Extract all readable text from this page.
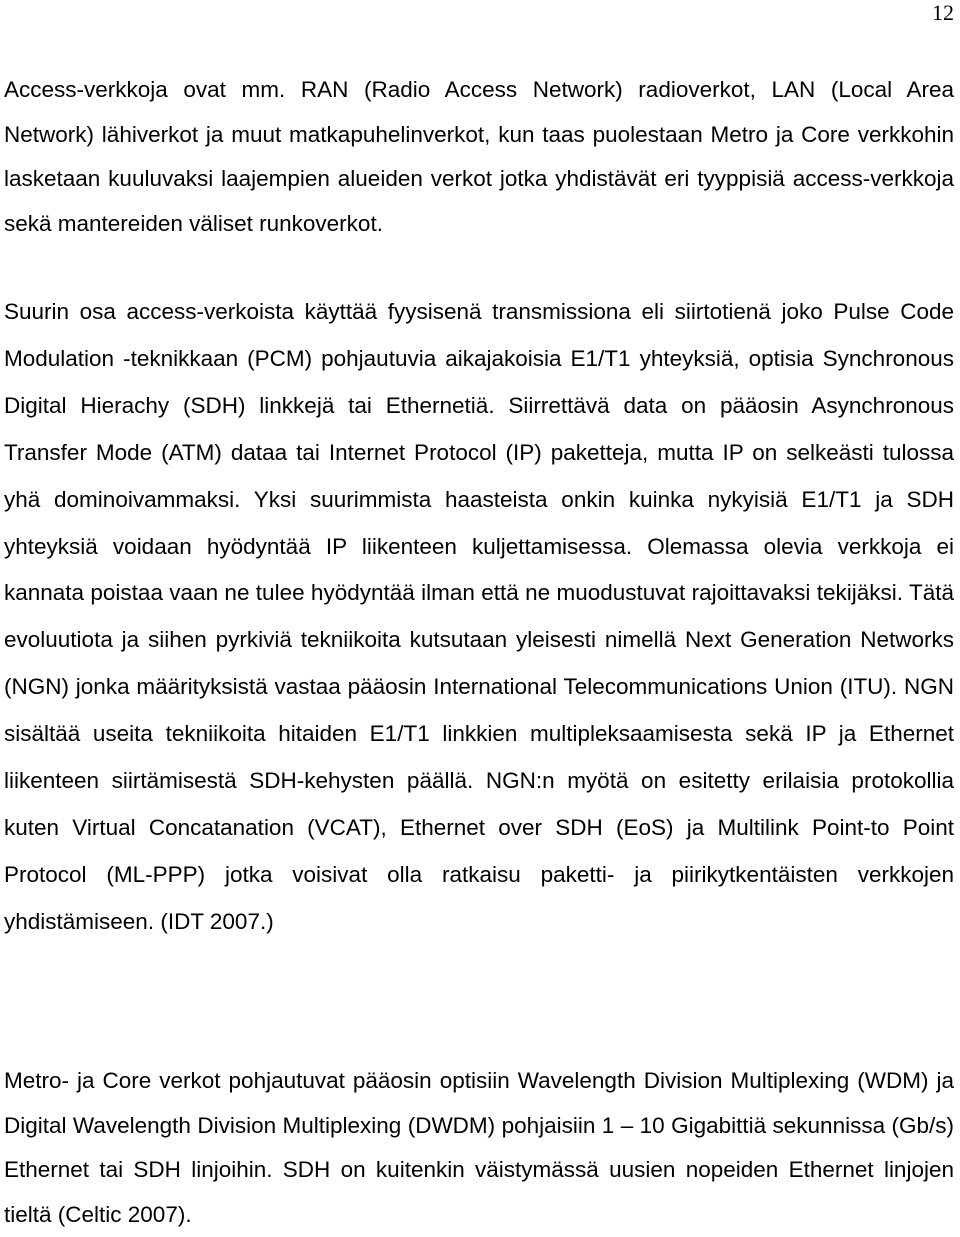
12

Access-verkkoja ovat mm. RAN (Radio Access Network) radioverkot, LAN (Local Area Network) lähiverkot ja muut matkapuhelinverkot, kun taas puolestaan Metro ja Core verkkohin lasketaan kuuluvaksi laajempien alueiden verkot jotka yhdistävät eri tyyppisiä access-verkkoja sekä mantereiden väliset runkoverkot.

Suurin osa access-verkoista käyttää fyysisenä transmissiona eli siirtotienä joko Pulse Code Modulation -teknikkaan (PCM) pohjautuvia aikajakoisia E1/T1 yhteyksiä, optisia Synchronous Digital Hierachy (SDH) linkkejä tai Ethernetiä. Siirrettävä data on pääosin Asynchronous Transfer Mode (ATM) dataa tai Internet Protocol (IP) paketteja, mutta IP on selkeästi tulossa yhä dominoivammaksi. Yksi suurimmista haasteista onkin kuinka nykyisiä E1/T1 ja SDH yhteyksiä voidaan hyödyntää IP liikenteen kuljettamisessa. Olemassa olevia verkkoja ei kannata poistaa vaan ne tulee hyödyntää ilman että ne muodustuvat rajoittavaksi tekijäksi. Tätä evoluutiota ja siihen pyrkiviä tekniikoita kutsutaan yleisesti nimellä Next Generation Networks (NGN) jonka määrityksistä vastaa pääosin International Telecommunications Union (ITU). NGN sisältää useita tekniikoita hitaiden E1/T1 linkkien multipleksaamisesta sekä IP ja Ethernet liikenteen siirtämisestä SDH-kehysten päällä. NGN:n myötä on esitetty erilaisia protokollia kuten Virtual Concatanation (VCAT), Ethernet over SDH (EoS) ja Multilink Point-to Point Protocol (ML-PPP) jotka voisivat olla ratkaisu paketti- ja piirikytkentäisten verkkojen yhdistämiseen. (IDT 2007.)

Metro- ja Core verkot pohjautuvat pääosin optisiin Wavelength Division Multiplexing (WDM) ja Digital Wavelength Division Multiplexing (DWDM) pohjaisiin 1 – 10 Gigabittiä sekunnissa (Gb/s) Ethernet tai SDH linjoihin. SDH on kuitenkin väistymässä uusien nopeiden Ethernet linjojen tieltä (Celtic 2007).
